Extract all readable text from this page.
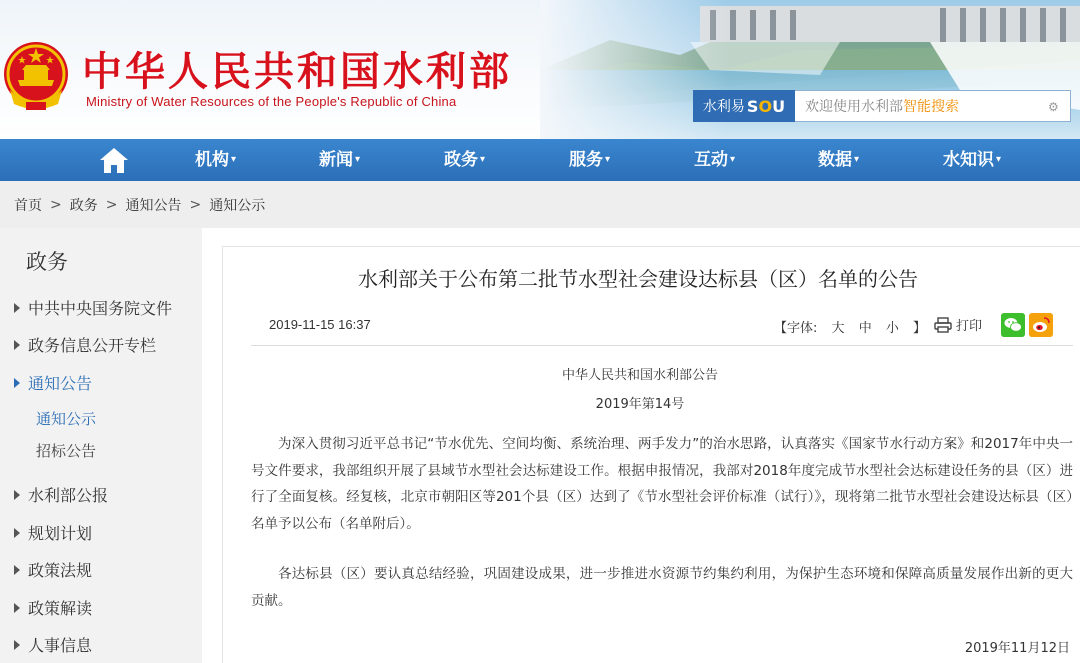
中华人民共和国水利部
Ministry of Water Resources of the People's Republic of China	水利易 SOU 欢迎使用水利部 智能搜索	⚙
机构 ▾	新闻 ▾	政务 ▾	服务 ▾	互动 ▾	数据 ▾	水知识 ▾
首页 > 政务 > 通知公告 > 通知公示
政务
中共中央国务院文件
政务信息公开专栏
通知公告
通知公示
招标公告
水利部公报
规划计划
政策法规
政策解读
人事信息
水利部关于公布第二批节水型社会建设达标县（区）名单的公告
2019-11-15 16:37	【字体: 大 中 小 】	打印
中华人民共和国水利部公告
2019年第14号
为深入贯彻习近平总书记“节水优先、空间均衡、系统治理、两手发力”的治水思路，认真落实《国家节水行动方案》和2017年中央一号文件要求，我部组织开展了县域节水型社会达标建设工作。根据申报情况，我部对2018年度完成节水型社会达标建设任务的县（区）进行了全面复核。经复核，北京市朝阳区等201个县（区）达到了《节水型社会评价标准（试行）》，现将第二批节水型社会建设达标县（区）名单予以公布（名单附后）。
各达标县（区）要认真总结经验，巩固建设成果，进一步推进水资源节约集约利用，为保护生态环境和保障高质量发展作出新的更大贡献。
2019年11月12日
